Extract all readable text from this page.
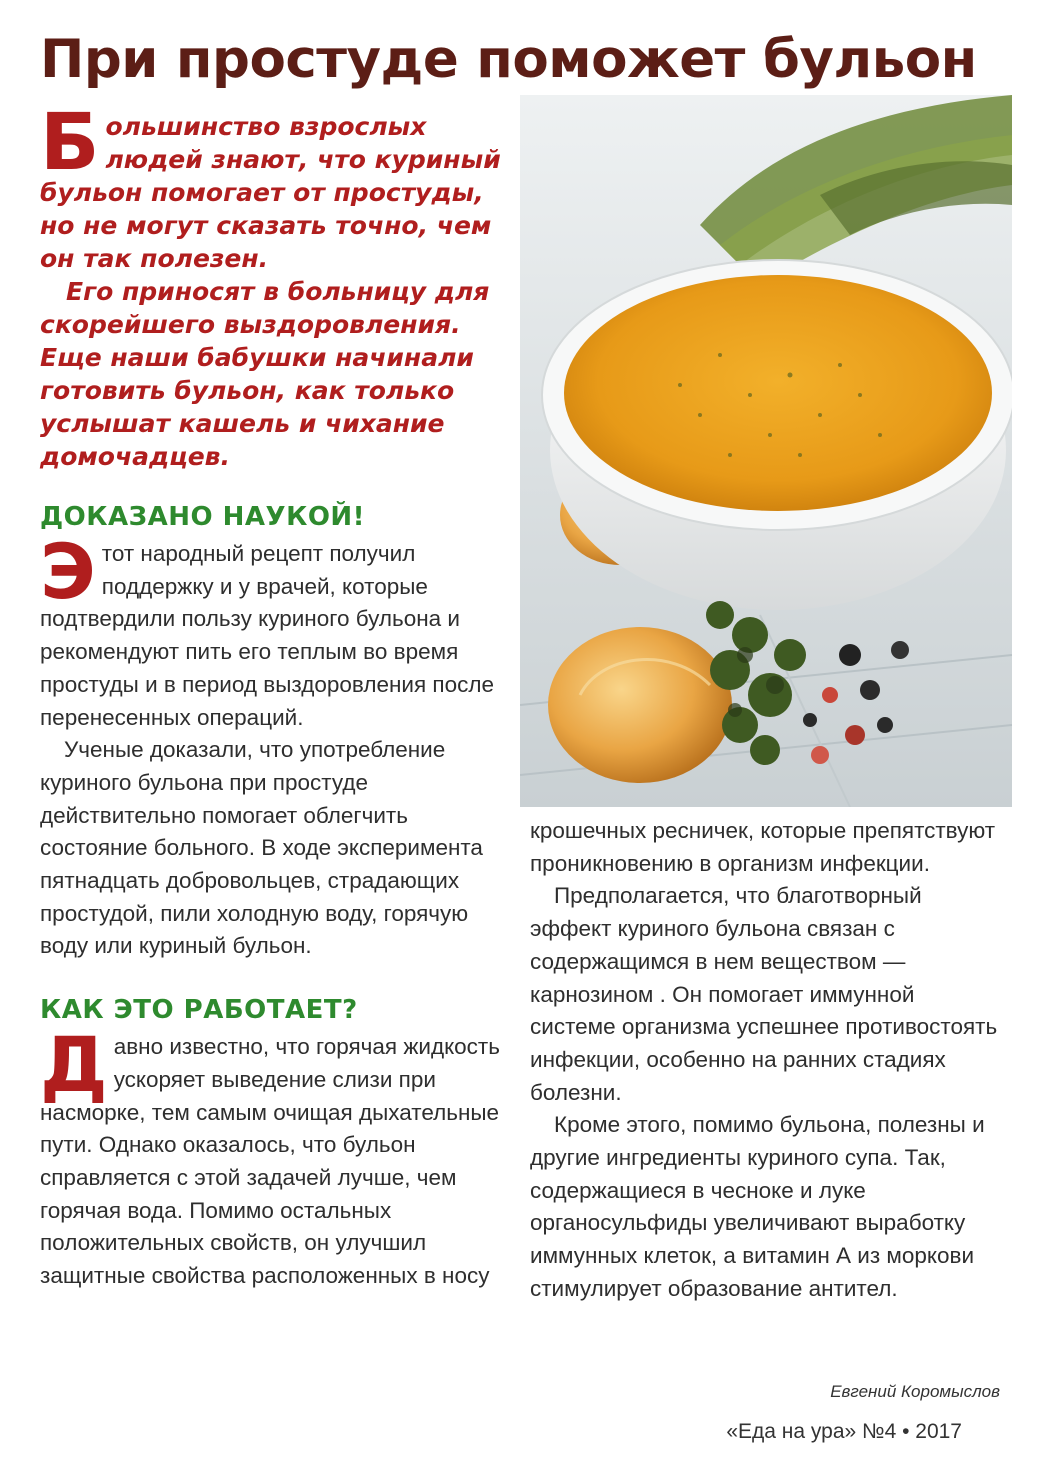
При простуде поможет бульон

Большинство взрослых людей знают, что куриный бульон помогает от простуды, но не могут сказать точно, чем он так полезен.

Его приносят в больницу для скорейшего выздоровления. Еще наши бабушки начинали готовить бульон, как только услышат кашель и чихание домочадцев.

ДОКАЗАНО НАУКОЙ!

Этот народный рецепт получил поддержку и у врачей, которые подтвердили пользу куриного бульона и рекомендуют пить его теплым во время простуды и в период выздоровления после перенесенных операций.

Ученые доказали, что употребление куриного бульона при простуде действительно помогает облегчить состояние больного. В ходе эксперимента пятнадцать добровольцев, страдающих простудой, пили холодную воду, горячую воду или куриный бульон.

КАК ЭТО РАБОТАЕТ?

Давно известно, что горячая жидкость ускоряет выведение слизи при насморке, тем самым очищая дыхательные пути. Однако оказалось, что бульон справляется с этой задачей лучше, чем горячая вода. Помимо остальных положительных свойств, он улучшил защитные свойства расположенных в носу

крошечных ресничек, которые препятствуют проникновению в организм инфекции.

Предполагается, что благотворный эффект куриного бульона связан с содержащимся в нем веществом — карнозином . Он помогает иммунной системе организма успешнее противостоять инфекции, особенно на ранних стадиях болезни.

Кроме этого, помимо бульона, полезны и другие ингредиенты куриного супа. Так, содержащиеся в чесноке и луке органосульфиды увеличивают выработку иммунных клеток, а витамин А из моркови стимулирует образование антител.

Евгений Коромыслов
«Еда на ура» №4 • 2017
